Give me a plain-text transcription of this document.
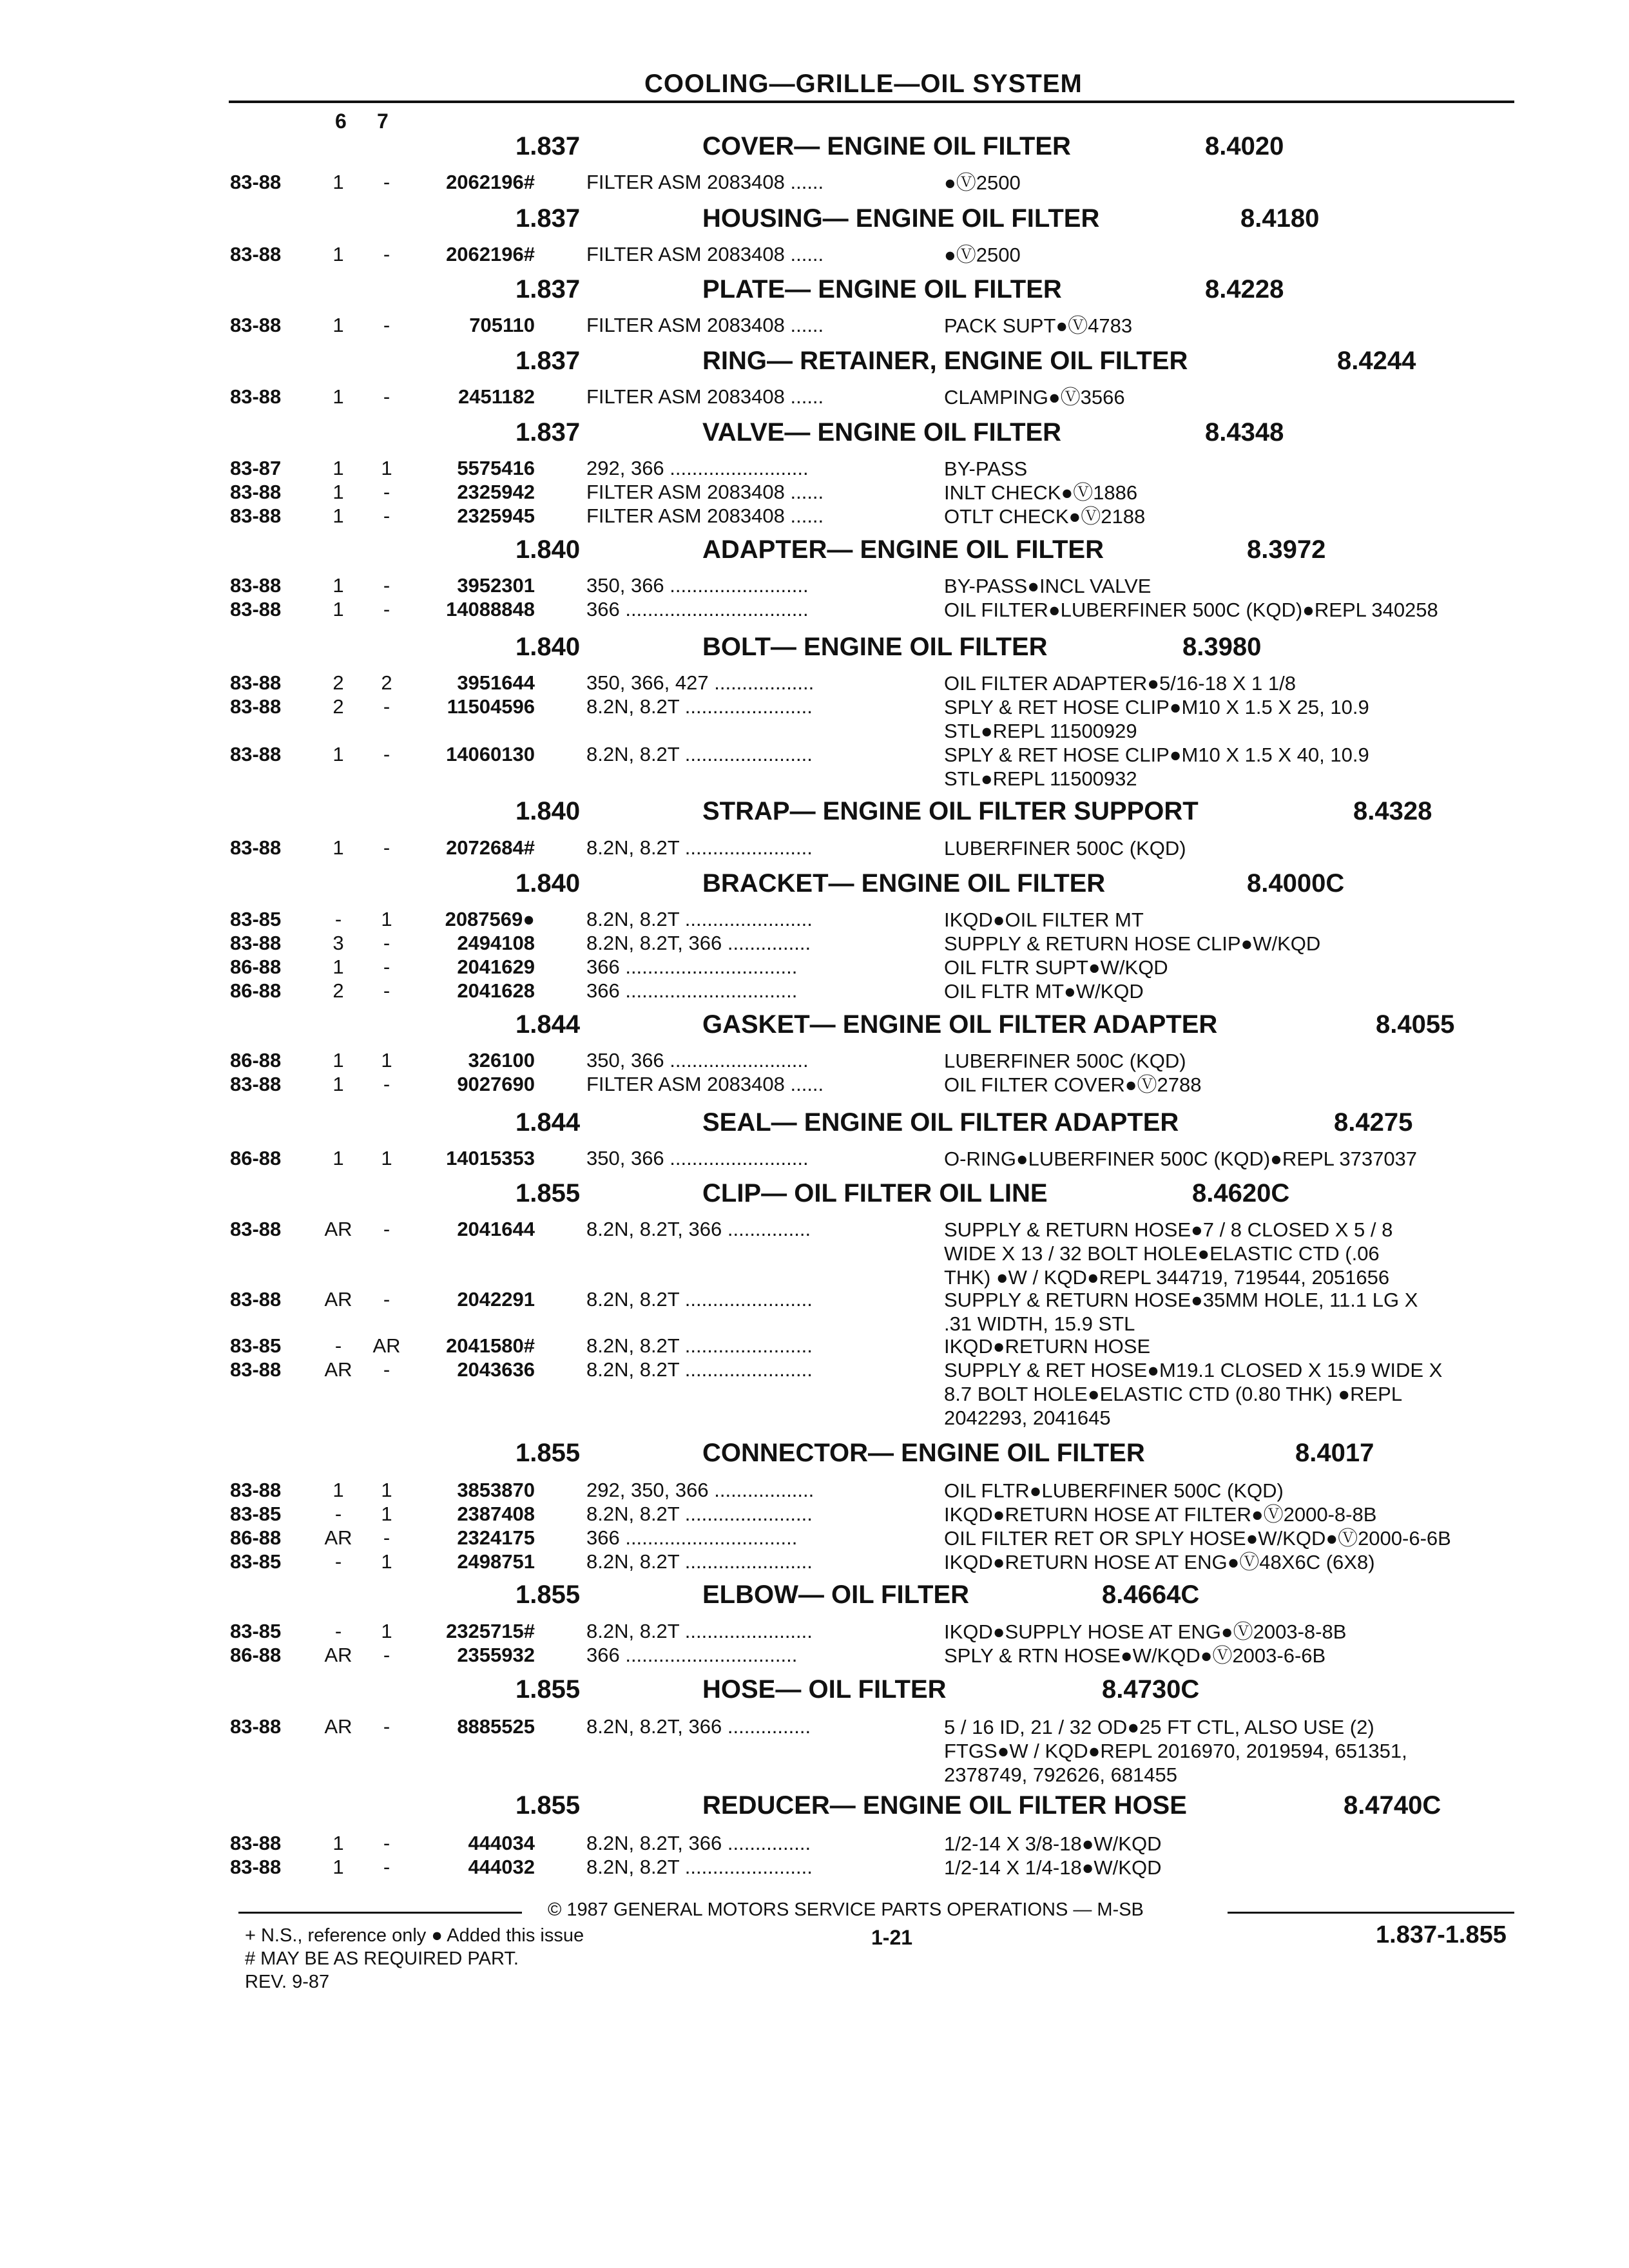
COOLING—GRILLE—OIL SYSTEM
6 7
1.837	COVER— ENGINE OIL FILTER	8.4020
83-88	1	-	2062196#	FILTER ASM 2083408 ......	●Ⓥ2500
1.837	HOUSING— ENGINE OIL FILTER	8.4180
83-88	1	-	2062196#	FILTER ASM 2083408 ......	●Ⓥ2500
1.837	PLATE— ENGINE OIL FILTER	8.4228
83-88	1	-	705110	FILTER ASM 2083408 ......	PACK SUPT●Ⓥ4783
1.837	RING— RETAINER, ENGINE OIL FILTER	8.4244
83-88	1	-	2451182	FILTER ASM 2083408 ......	CLAMPING●Ⓥ3566
1.837	VALVE— ENGINE OIL FILTER	8.4348
83-87	1	1	5575416	292, 366 .........................	BY-PASS
83-88	1	-	2325942	FILTER ASM 2083408 ......	INLT CHECK●Ⓥ1886
83-88	1	-	2325945	FILTER ASM 2083408 ......	OTLT CHECK●Ⓥ2188
1.840	ADAPTER— ENGINE OIL FILTER	8.3972
83-88	1	-	3952301	350, 366 .........................	BY-PASS●INCL VALVE
83-88	1	-	14088848	366 .................................	OIL FILTER●LUBERFINER 500C (KQD)●REPL 340258
1.840	BOLT— ENGINE OIL FILTER	8.3980
83-88	2	2	3951644	350, 366, 427 ..................	OIL FILTER ADAPTER●5/16-18 X 1 1/8
83-88	2	-	11504596	8.2N, 8.2T .......................	SPLY & RET HOSE CLIP●M10 X 1.5 X 25, 10.9
STL●REPL 11500929
83-88	1	-	14060130	8.2N, 8.2T .......................	SPLY & RET HOSE CLIP●M10 X 1.5 X 40, 10.9
STL●REPL 11500932
1.840	STRAP— ENGINE OIL FILTER SUPPORT	8.4328
83-88	1	-	2072684#	8.2N, 8.2T .......................	LUBERFINER 500C (KQD)
1.840	BRACKET— ENGINE OIL FILTER	8.4000C
83-85	-	1	2087569●	8.2N, 8.2T .......................	IKQD●OIL FILTER MT
83-88	3	-	2494108	8.2N, 8.2T, 366 ...............	SUPPLY & RETURN HOSE CLIP●W/KQD
86-88	1	-	2041629	366 ...............................	OIL FLTR SUPT●W/KQD
86-88	2	-	2041628	366 ...............................	OIL FLTR MT●W/KQD
1.844	GASKET— ENGINE OIL FILTER ADAPTER	8.4055
86-88	1	1	326100	350, 366 .........................	LUBERFINER 500C (KQD)
83-88	1	-	9027690	FILTER ASM 2083408 ......	OIL FILTER COVER●Ⓥ2788
1.844	SEAL— ENGINE OIL FILTER ADAPTER	8.4275
86-88	1	1	14015353	350, 366 .........................	O-RING●LUBERFINER 500C (KQD)●REPL 3737037
1.855	CLIP— OIL FILTER OIL LINE	8.4620C
83-88	AR	-	2041644	8.2N, 8.2T, 366 ...............	SUPPLY & RETURN HOSE●7 / 8 CLOSED X 5 / 8
WIDE X 13 / 32 BOLT HOLE●ELASTIC CTD (.06
THK) ●W / KQD●REPL 344719, 719544, 2051656
83-88	AR	-	2042291	8.2N, 8.2T .......................	SUPPLY & RETURN HOSE●35MM HOLE, 11.1 LG X
.31 WIDTH, 15.9 STL
83-85	-	AR	2041580#	8.2N, 8.2T .......................	IKQD●RETURN HOSE
83-88	AR	-	2043636	8.2N, 8.2T .......................	SUPPLY & RET HOSE●M19.1 CLOSED X 15.9 WIDE X
8.7 BOLT HOLE●ELASTIC CTD (0.80 THK) ●REPL
2042293, 2041645
1.855	CONNECTOR— ENGINE OIL FILTER	8.4017
83-88	1	1	3853870	292, 350, 366 ..................	OIL FLTR●LUBERFINER 500C (KQD)
83-85	-	1	2387408	8.2N, 8.2T .......................	IKQD●RETURN HOSE AT FILTER●Ⓥ2000-8-8B
86-88	AR	-	2324175	366 ...............................	OIL FILTER RET OR SPLY HOSE●W/KQD●Ⓥ2000-6-6B
83-85	-	1	2498751	8.2N, 8.2T .......................	IKQD●RETURN HOSE AT ENG●Ⓥ48X6C (6X8)
1.855	ELBOW— OIL FILTER	8.4664C
83-85	-	1	2325715#	8.2N, 8.2T .......................	IKQD●SUPPLY HOSE AT ENG●Ⓥ2003-8-8B
86-88	AR	-	2355932	366 ...............................	SPLY & RTN HOSE●W/KQD●Ⓥ2003-6-6B
1.855	HOSE— OIL FILTER	8.4730C
83-88	AR	-	8885525	8.2N, 8.2T, 366 ...............	5 / 16 ID, 21 / 32 OD●25 FT CTL, ALSO USE (2)
FTGS●W / KQD●REPL 2016970, 2019594, 651351,
2378749, 792626, 681455
1.855	REDUCER— ENGINE OIL FILTER HOSE	8.4740C
83-88	1	-	444034	8.2N, 8.2T, 366 ...............	1/2-14 X 3/8-18●W/KQD
83-88	1	-	444032	8.2N, 8.2T .......................	1/2-14 X 1/4-18●W/KQD
© 1987 GENERAL MOTORS SERVICE PARTS OPERATIONS — M-SB
+ N.S., reference only ● Added this issue
# MAY BE AS REQUIRED PART.
REV. 9-87
1-21	1.837-1.855
